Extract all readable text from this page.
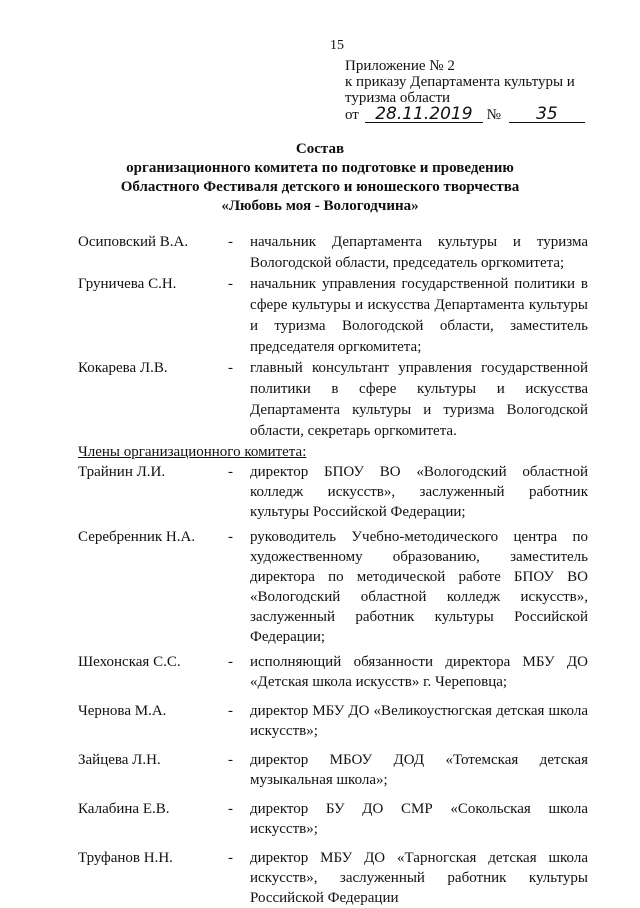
15
Приложение № 2
к приказу Департамента культуры и
туризма области
от 28.11.2019 № 35
Состав
организационного комитета по подготовке и проведению
Областного Фестиваля детского и юношеского творчества
«Любовь моя - Вологодчина»
Осиповский В.А.	-	начальник Департамента культуры и туризма Вологодской области, председатель оргкомитета;
Груничева С.Н.	-	начальник управления государственной политики в сфере культуры и искусства Департамента культуры и туризма Вологодской области, заместитель председателя оргкомитета;
Кокарева Л.В.	-	главный консультант управления государственной политики в сфере культуры и искусства Департамента культуры и туризма Вологодской области, секретарь оргкомитета.
Члены организационного комитета:
Трайнин Л.И.	-	директор БПОУ ВО «Вологодский областной колледж искусств», заслуженный работник культуры Российской Федерации;
Серебренник Н.А.	-	руководитель Учебно-методического центра по художественному образованию, заместитель директора по методической работе БПОУ ВО «Вологодский областной колледж искусств», заслуженный работник культуры Российской Федерации;
Шехонская С.С.	-	исполняющий обязанности директора МБУ ДО «Детская школа искусств» г. Череповца;
Чернова М.А.	-	директор МБУ ДО «Великоустюгская детская школа искусств»;
Зайцева Л.Н.	-	директор МБОУ ДОД «Тотемская детская музыкальная школа»;
Калабина Е.В.	-	директор БУ ДО СМР «Сокольская школа искусств»;
Труфанов Н.Н.	-	директор МБУ ДО «Тарногская детская школа искусств», заслуженный работник культуры Российской Федерации
